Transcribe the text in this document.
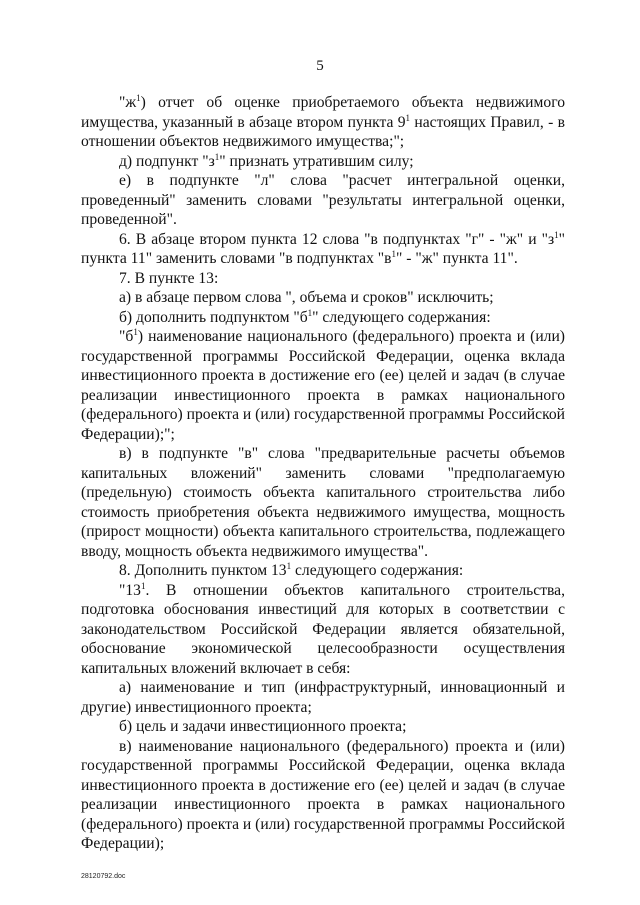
5

"$ж^1$) отчет об оценке приобретаемого объекта недвижимого имущества, указанный в абзаце втором пункта $9^1$ настоящих Правил, - в отношении объектов недвижимого имущества;";

д) подпункт "$з^1$" признать утратившим силу;

е) в подпункте "л" слова "расчет интегральной оценки, проведенный" заменить словами "результаты интегральной оценки, проведенной".

6. В абзаце втором пункта 12 слова "в подпунктах "г" - "ж" и "$з^1$" пункта 11" заменить словами "в подпунктах "$в^1$" - "ж" пункта 11".

7. В пункте 13:

а) в абзаце первом слова ", объема и сроков" исключить;

б) дополнить подпунктом "$б^1$" следующего содержания:

"$б^1$) наименование национального (федерального) проекта и (или) государственной программы Российской Федерации, оценка вклада инвестиционного проекта в достижение его (ее) целей и задач (в случае реализации инвестиционного проекта в рамках национального (федерального) проекта и (или) государственной программы Российской Федерации);";

в) в подпункте "в" слова "предварительные расчеты объемов капитальных вложений" заменить словами "предполагаемую (предельную) стоимость объекта капитального строительства либо стоимость приобретения объекта недвижимого имущества, мощность (прирост мощности) объекта капитального строительства, подлежащего вводу, мощность объекта недвижимого имущества".

8. Дополнить пунктом $13^1$ следующего содержания:

"$13^1$. В отношении объектов капитального строительства, подготовка обоснования инвестиций для которых в соответствии с законодательством Российской Федерации является обязательной, обоснование экономической целесообразности осуществления капитальных вложений включает в себя:

а) наименование и тип (инфраструктурный, инновационный и другие) инвестиционного проекта;

б) цель и задачи инвестиционного проекта;

в) наименование национального (федерального) проекта и (или) государственной программы Российской Федерации, оценка вклада инвестиционного проекта в достижение его (ее) целей и задач (в случае реализации инвестиционного проекта в рамках национального (федерального) проекта и (или) государственной программы Российской Федерации);

28120792.doc
